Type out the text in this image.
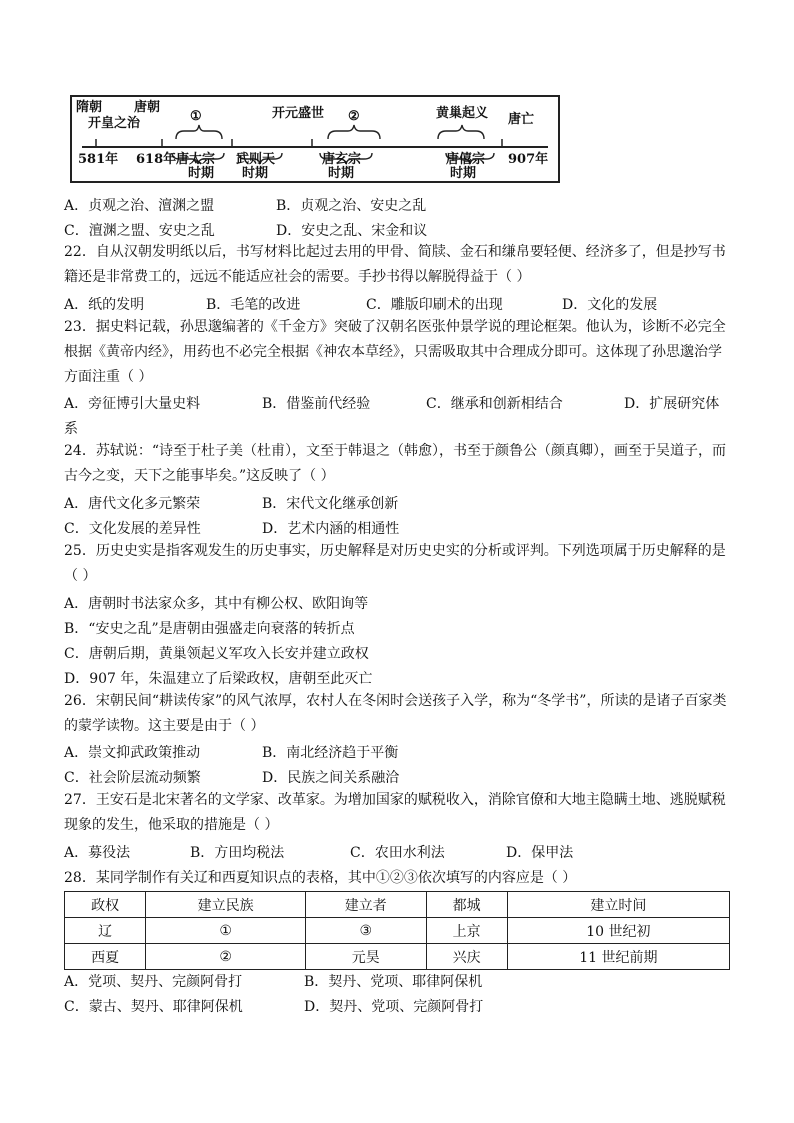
隋朝
开皇之治
唐朝
①	开元盛世 ②	黄巢起义 唐亡
581年 618年 唐太宗
时期
武则天
时期
唐玄宗
时期
唐僖宗
时期
907年
A．贞观之治、澶渊之盟	B．贞观之治、安史之乱
C．澶渊之盟、安史之乱	D．安史之乱、宋金和议
22．自从汉朝发明纸以后，书写材料比起过去用的甲骨、简牍、金石和缣帛要轻便、经济多了，但是抄写书籍还是非常费工的，远远不能适应社会的需要。手抄书得以解脱得益于（ ）
A．纸的发明	B．毛笔的改进	C．雕版印刷术的出现	D．文化的发展
23．据史料记载，孙思邈编著的《千金方》突破了汉朝名医张仲景学说的理论框架。他认为，诊断不必完全根据《黄帝内经》，用药也不必完全根据《神农本草经》，只需吸取其中合理成分即可。这体现了孙思邈治学方面注重（ ）
A．旁征博引大量史料	B．借鉴前代经验	C．继承和创新相结合	D．扩展研究体
系
24．苏轼说：“诗至于杜子美（杜甫），文至于韩退之（韩愈），书至于颜鲁公（颜真卿），画至于吴道子，而古今之变，天下之能事毕矣。”这反映了（ ）
A．唐代文化多元繁荣	B．宋代文化继承创新
C．文化发展的差异性	D．艺术内涵的相通性
25．历史史实是指客观发生的历史事实，历史解释是对历史史实的分析或评判。下列选项属于历史解释的是（ ）
A．唐朝时书法家众多，其中有柳公权、欧阳询等
B．“安史之乱”是唐朝由强盛走向衰落的转折点
C．唐朝后期，黄巢领起义军攻入长安并建立政权
D．907 年，朱温建立了后梁政权，唐朝至此灭亡
26．宋朝民间“耕读传家”的风气浓厚，农村人在冬闲时会送孩子入学，称为“冬学书”，所读的是诸子百家类的蒙学读物。这主要是由于（ ）
A．崇文抑武政策推动	B．南北经济趋于平衡
C．社会阶层流动频繁	D．民族之间关系融洽
27．王安石是北宋著名的文学家、改革家。为增加国家的赋税收入，消除官僚和大地主隐瞒土地、逃脱赋税现象的发生，他采取的措施是（ ）
A．募役法	B．方田均税法	C．农田水利法	D．保甲法
28．某同学制作有关辽和西夏知识点的表格，其中①②③依次填写的内容应是（ ）
政权	建立民族	建立者	都城	建立时间
辽	①	③	上京	10 世纪初
西夏	②	元昊	兴庆	11 世纪前期
A．党项、契丹、完颜阿骨打	B．契丹、党项、耶律阿保机
C．蒙古、契丹、耶律阿保机	D．契丹、党项、完颜阿骨打
